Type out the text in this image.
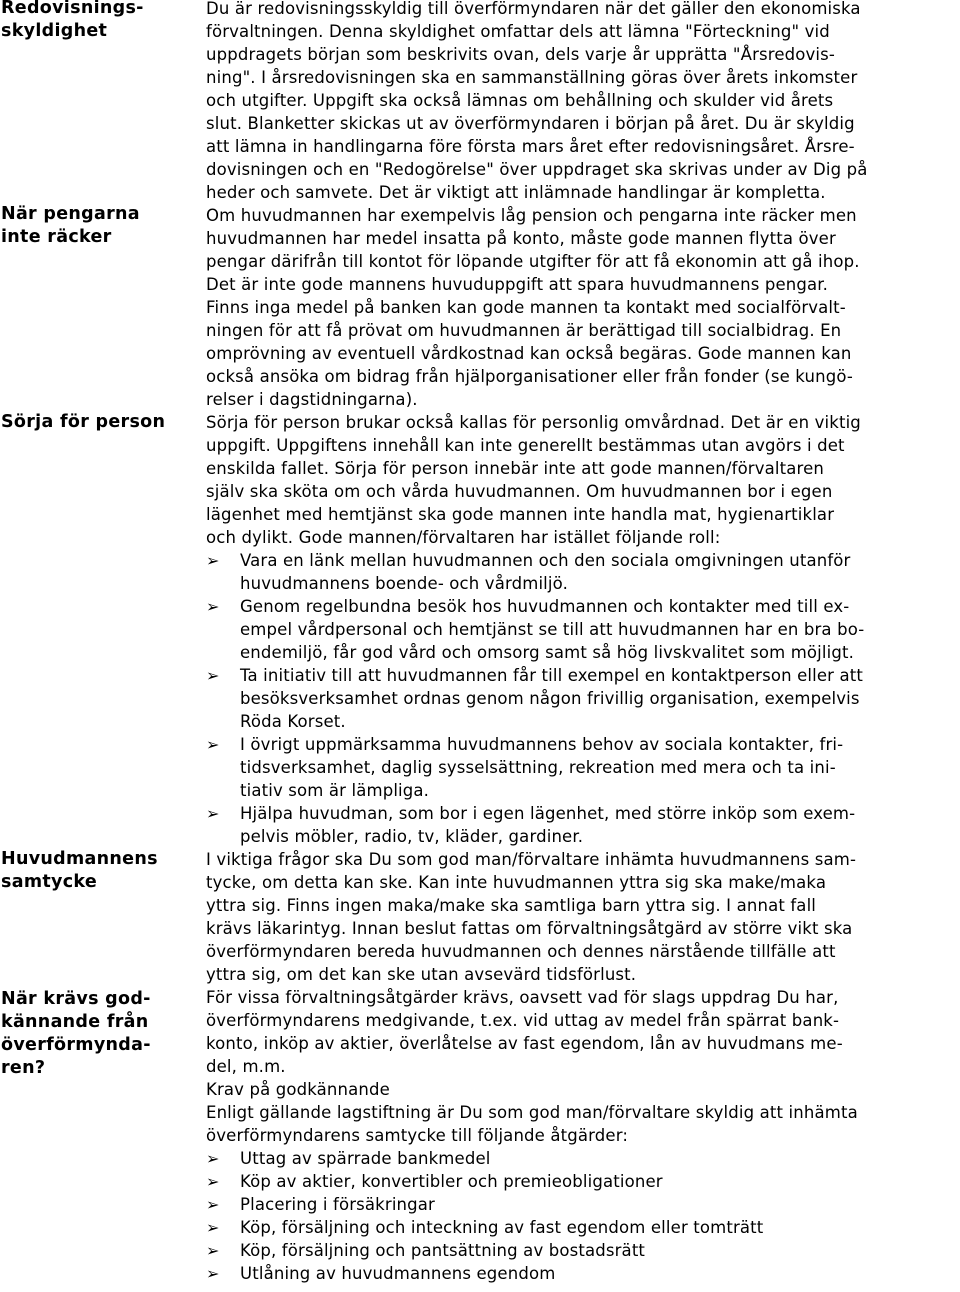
Redovisnings-
skyldighet
När pengarna
inte räcker
Sörja för person
Huvudmannens
samtycke
När krävs god-
kännande från
överförmynda-
ren?
Du är redovisningsskyldig till överförmyndaren när det gäller den ekonomiska
förvaltningen. Denna skyldighet omfattar dels att lämna "Förteckning" vid
uppdragets början som beskrivits ovan, dels varje år upprätta "Årsredovis-
ning". I årsredovisningen ska en sammanställning göras över årets inkomster
och utgifter. Uppgift ska också lämnas om behållning och skulder vid årets
slut. Blanketter skickas ut av överförmyndaren i början på året. Du är skyldig
att lämna in handlingarna före första mars året efter redovisningsåret. Årsre-
dovisningen och en "Redogörelse" över uppdraget ska skrivas under av Dig på
heder och samvete. Det är viktigt att inlämnade handlingar är kompletta.
Om huvudmannen har exempelvis låg pension och pengarna inte räcker men
huvudmannen har medel insatta på konto, måste gode mannen flytta över
pengar därifrån till kontot för löpande utgifter för att få ekonomin att gå ihop.
Det är inte gode mannens huvuduppgift att spara huvudmannens pengar.
Finns inga medel på banken kan gode mannen ta kontakt med socialförvalt-
ningen för att få prövat om huvudmannen är berättigad till socialbidrag. En
omprövning av eventuell vårdkostnad kan också begäras. Gode mannen kan
också ansöka om bidrag från hjälporganisationer eller från fonder (se kungö-
relser i dagstidningarna).
Sörja för person brukar också kallas för personlig omvårdnad. Det är en viktig
uppgift. Uppgiftens innehåll kan inte generellt bestämmas utan avgörs i det
enskilda fallet. Sörja för person innebär inte att gode mannen/förvaltaren
själv ska sköta om och vårda huvudmannen. Om huvudmannen bor i egen
lägenhet med hemtjänst ska gode mannen inte handla mat, hygienartiklar
och dylikt. Gode mannen/förvaltaren har istället följande roll:
➢ Vara en länk mellan huvudmannen och den sociala omgivningen utanför
huvudmannens boende- och vårdmiljö.
➢ Genom regelbundna besök hos huvudmannen och kontakter med till ex-
empel vårdpersonal och hemtjänst se till att huvudmannen har en bra bo-
endemiljö, får god vård och omsorg samt så hög livskvalitet som möjligt.
➢ Ta initiativ till att huvudmannen får till exempel en kontaktperson eller att
besöksverksamhet ordnas genom någon frivillig organisation, exempelvis
Röda Korset.
➢ I övrigt uppmärksamma huvudmannens behov av sociala kontakter, fri-
tidsverksamhet, daglig sysselsättning, rekreation med mera och ta ini-
tiativ som är lämpliga.
➢ Hjälpa huvudman, som bor i egen lägenhet, med större inköp som exem-
pelvis möbler, radio, tv, kläder, gardiner.
I viktiga frågor ska Du som god man/förvaltare inhämta huvudmannens sam-
tycke, om detta kan ske. Kan inte huvudmannen yttra sig ska make/maka
yttra sig. Finns ingen maka/make ska samtliga barn yttra sig. I annat fall
krävs läkarintyg. Innan beslut fattas om förvaltningsåtgärd av större vikt ska
överförmyndaren bereda huvudmannen och dennes närstående tillfälle att
yttra sig, om det kan ske utan avsevärd tidsförlust.
För vissa förvaltningsåtgärder krävs, oavsett vad för slags uppdrag Du har,
överförmyndarens medgivande, t.ex. vid uttag av medel från spärrat bank-
konto, inköp av aktier, överlåtelse av fast egendom, lån av huvudmans me-
del, m.m.
Krav på godkännande
Enligt gällande lagstiftning är Du som god man/förvaltare skyldig att inhämta
överförmyndarens samtycke till följande åtgärder:
➢ Uttag av spärrade bankmedel
➢ Köp av aktier, konvertibler och premieobligationer
➢ Placering i försäkringar
➢ Köp, försäljning och inteckning av fast egendom eller tomträtt
➢ Köp, försäljning och pantsättning av bostadsrätt
➢ Utlåning av huvudmannens egendom
